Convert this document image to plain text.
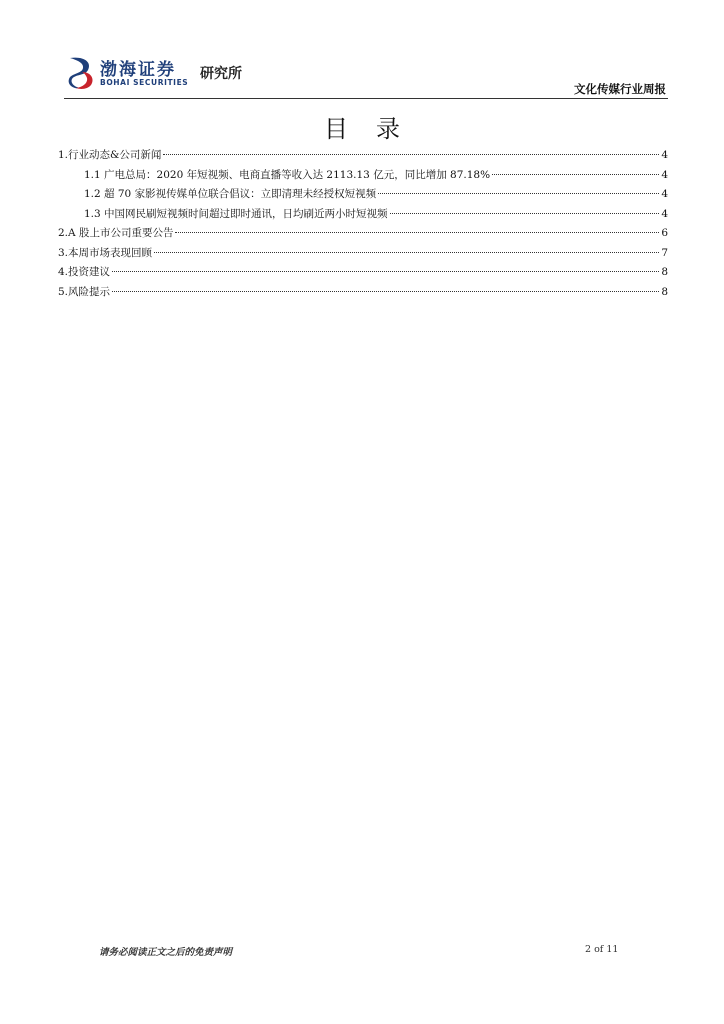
渤海证券
BOHAI SECURITIES
研究所
文化传媒行业周报
目录
1.行业动态&公司新闻	4
1.1 广电总局：2020 年短视频、电商直播等收入达 2113.13 亿元，同比增加 87.18%	4
1.2 超 70 家影视传媒单位联合倡议：立即清理未经授权短视频	4
1.3 中国网民刷短视频时间超过即时通讯，日均刷近两小时短视频	4
2.A 股上市公司重要公告	6
3.本周市场表现回顾	7
4.投资建议	8
5.风险提示	8
请务必阅读正文之后的免责声明	2 of 11
